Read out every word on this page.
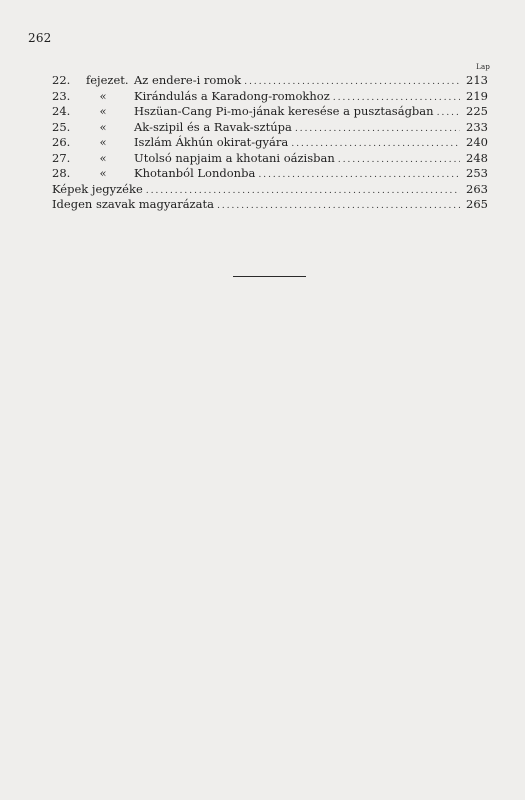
262
Lap
22.	fejezet. Az endere-i romok .....	213
23.	«	Kirándulás a Karadong-romokhoz .....	219
24.	«	Hszüan-Cang Pi-mo-jának keresése a pusztaságban .....	225
25.	«	Ak-szipil és a Ravak-sztúpa .....	233
26.	«	Iszlám Ákhún okirat-gyára .....	240
27.	«	Utolsó napjaim a khotani oázisban .....	248
28.	«	Khotanból Londonba .....	253
Képek jegyzéke .....	263
Idegen szavak magyarázata .....	265
